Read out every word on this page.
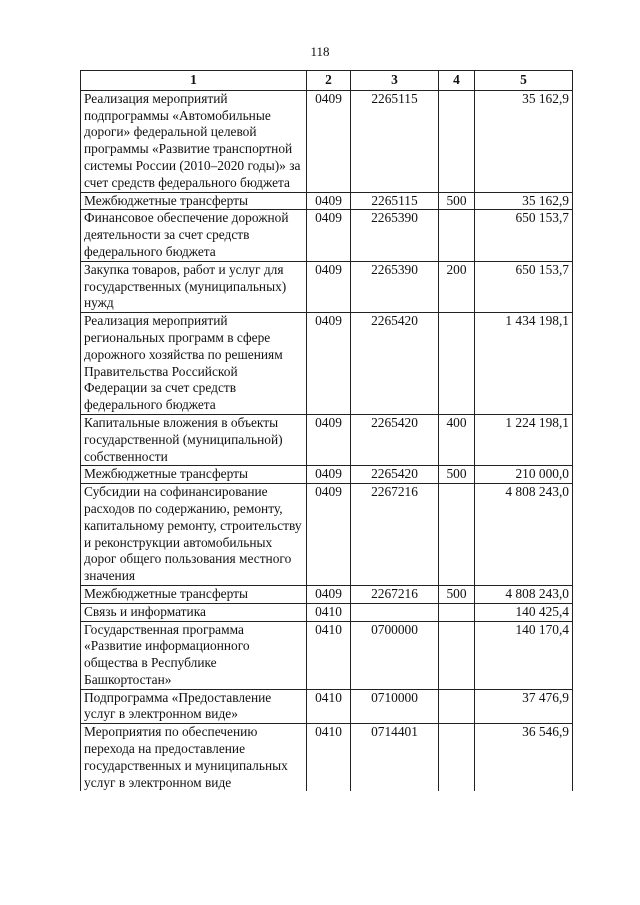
118
1	2	3	4	5
Реализация мероприятий подпрограммы «Автомобильные дороги» федеральной целевой программы «Развитие транспортной системы России (2010–2020 годы)» за счет средств федерального бюджета	0409	2265115		35 162,9
Межбюджетные трансферты	0409	2265115	500	35 162,9
Финансовое обеспечение дорожной деятельности за счет средств федерального бюджета	0409	2265390		650 153,7
Закупка товаров, работ и услуг для государственных (муниципальных) нужд	0409	2265390	200	650 153,7
Реализация мероприятий региональных программ в сфере дорожного хозяйства по решениям Правительства Российской Федерации за счет средств федерального бюджета	0409	2265420		1 434 198,1
Капитальные вложения в объекты государственной (муниципальной) собственности	0409	2265420	400	1 224 198,1
Межбюджетные трансферты	0409	2265420	500	210 000,0
Субсидии на софинансирование расходов по содержанию, ремонту, капитальному ремонту, строительству и реконструкции автомобильных дорог общего пользования местного значения	0409	2267216		4 808 243,0
Межбюджетные трансферты	0409	2267216	500	4 808 243,0
Связь и информатика	0410			140 425,4
Государственная программа «Развитие информационного общества в Республике Башкортостан»	0410	0700000		140 170,4
Подпрограмма «Предоставление услуг в электронном виде»	0410	0710000		37 476,9
Мероприятия по обеспечению перехода на предоставление государственных и муниципальных услуг в электронном виде	0410	0714401		36 546,9
